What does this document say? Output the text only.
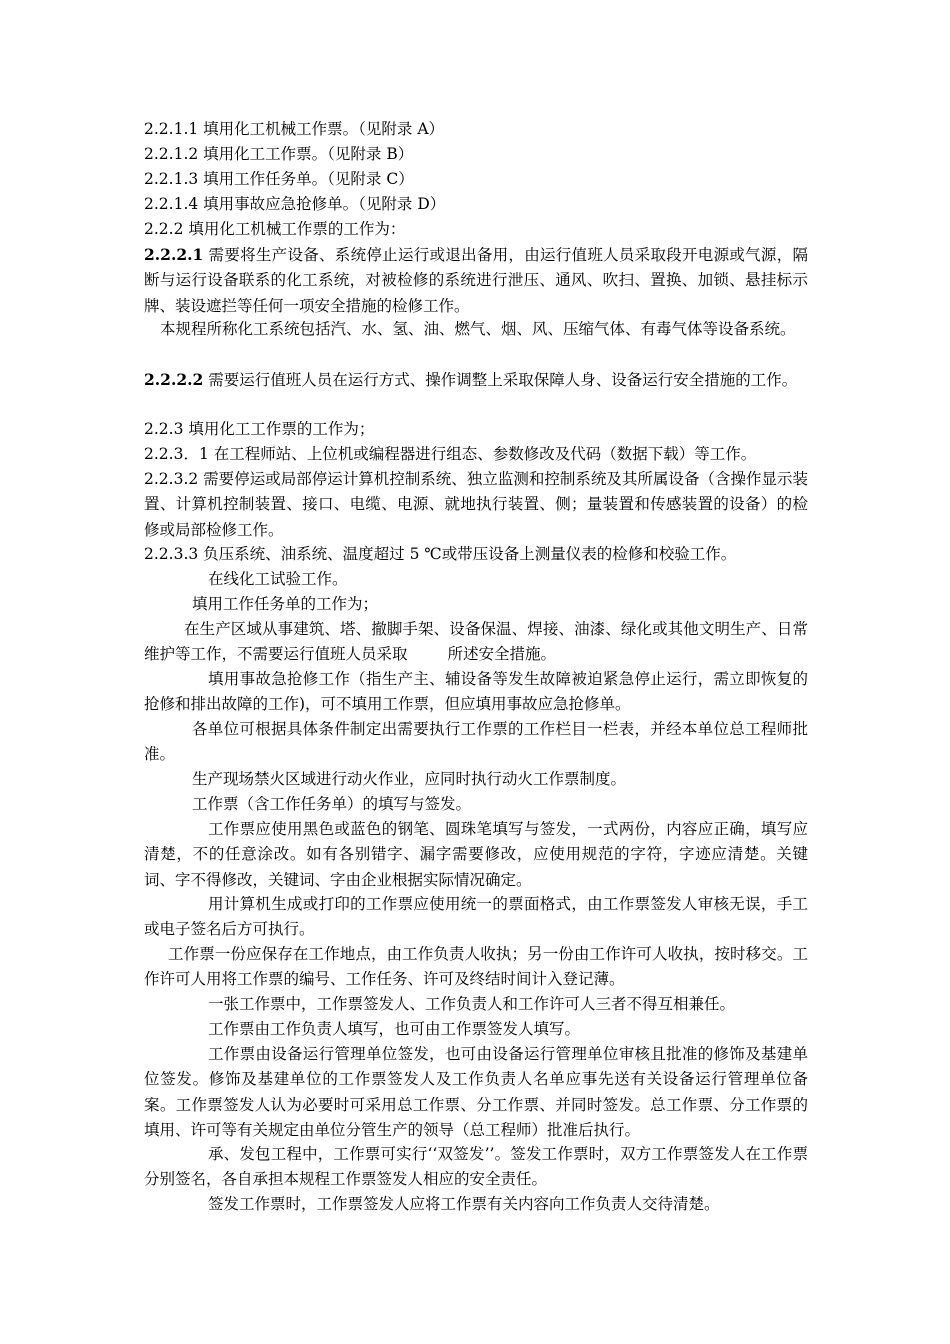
2.2.1.1 填用化工机械工作票。（见附录 A）

2.2.1.2 填用化工工作票。（见附录 B）

2.2.1.3 填用工作任务单。（见附录 C）

2.2.1.4 填用事故应急抢修单。（见附录 D）

2.2.2 填用化工机械工作票的工作为：

2.2.2.1 需要将生产设备、系统停止运行或退出备用，由运行值班人员采取段开电源或气源，隔断与运行设备联系的化工系统，对被检修的系统进行泄压、通风、吹扫、置换、加锁、悬挂标示牌、装设遮拦等任何一项安全措施的检修工作。

本规程所称化工系统包括汽、水、氢、油、燃气、烟、风、压缩气体、有毒气体等设备系统。

2.2.2.2 需要运行值班人员在运行方式、操作调整上采取保障人身、设备运行安全措施的工作。

2.2.3 填用化工工作票的工作为；

2.2.3．1 在工程师站、上位机或编程器进行组态、参数修改及代码（数据下载）等工作。

2.2.3.2 需要停运或局部停运计算机控制系统、独立监测和控制系统及其所属设备（含操作显示装置、计算机控制装置、接口、电缆、电源、就地执行装置、侧；量装置和传感装置的设备）的检修或局部检修工作。

2.2.3.3 负压系统、油系统、温度超过 5 ℃或带压设备上测量仪表的检修和校验工作。

在线化工试验工作。

填用工作任务单的工作为；

在生产区域从事建筑、塔、撤脚手架、设备保温、焊接、油漆、绿化或其他文明生产、日常维护等工作，不需要运行值班人员采取	所述安全措施。

填用事故急抢修工作（指生产主、辅设备等发生故障被迫紧急停止运行，需立即恢复的抢修和排出故障的工作)，可不填用工作票，但应填用事故应急抢修单。

各单位可根据具体条件制定出需要执行工作票的工作栏目一栏表，并经本单位总工程师批准。

生产现场禁火区域进行动火作业，应同时执行动火工作票制度。

工作票（含工作任务单）的填写与签发。

工作票应使用黑色或蓝色的钢笔、圆珠笔填写与签发，一式两份，内容应正确，填写应清楚，不的任意涂改。如有各别错字、漏字需要修改，应使用规范的字符，字迹应清楚。关键词、字不得修改，关键词、字由企业根据实际情况确定。

用计算机生成或打印的工作票应使用统一的票面格式，由工作票签发人审核无误，手工或电子签名后方可执行。

工作票一份应保存在工作地点，由工作负责人收执；另一份由工作许可人收执，按时移交。工作许可人用将工作票的编号、工作任务、许可及终结时间计入登记薄。

一张工作票中，工作票签发人、工作负责人和工作许可人三者不得互相兼任。

工作票由工作负责人填写，也可由工作票签发人填写。

工作票由设备运行管理单位签发，也可由设备运行管理单位审核且批准的修饰及基建单位签发。修饰及基建单位的工作票签发人及工作负责人名单应事先送有关设备运行管理单位备案。工作票签发人认为必要时可采用总工作票、分工作票、并同时签发。总工作票、分工作票的填用、许可等有关规定由单位分管生产的领导（总工程师）批准后执行。

承、发包工程中，工作票可实行‘‘双签发’’。签发工作票时，双方工作票签发人在工作票分别签名，各自承担本规程工作票签发人相应的安全责任。

签发工作票时，工作票签发人应将工作票有关内容向工作负责人交待清楚。
